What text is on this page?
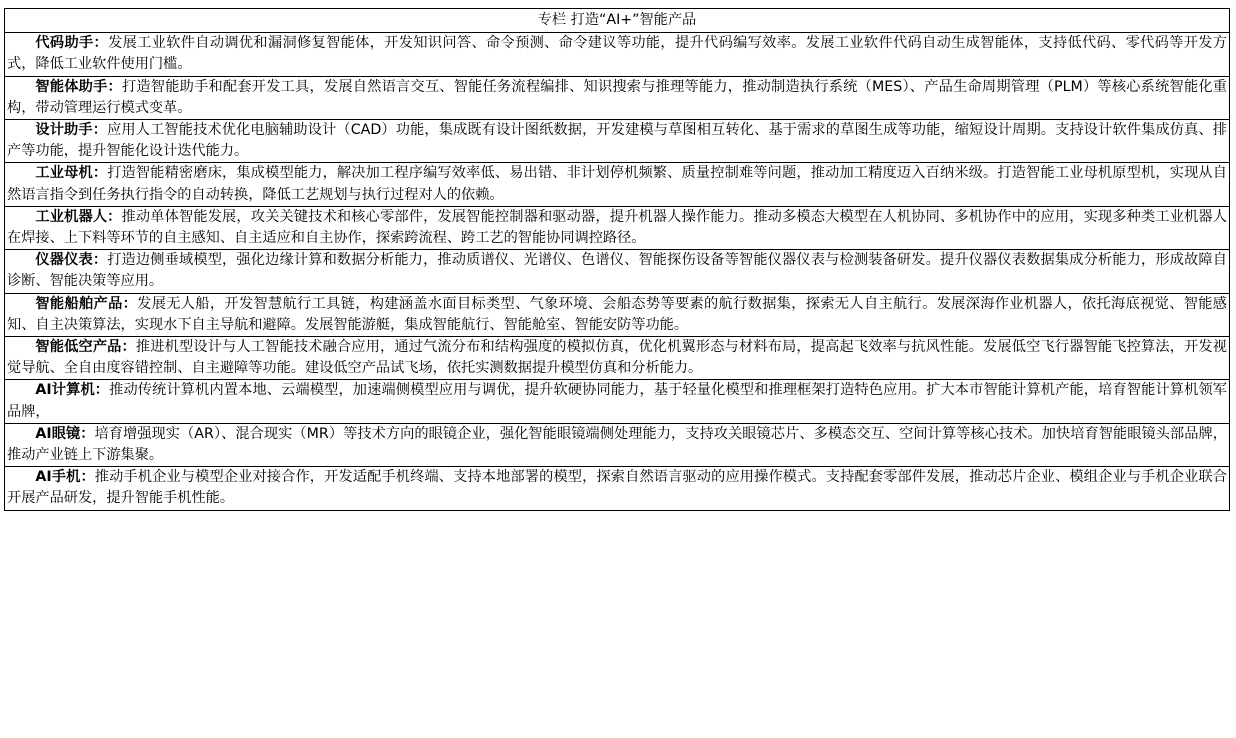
专栏 打造“AI+”智能产品
代码助手：发展工业软件自动调优和漏洞修复智能体，开发知识问答、命令预测、命令建议等功能，提升代码编写效率。发展工业软件代码自动生成智能体，支持低代码、零代码等开发方式，降低工业软件使用门槛。
智能体助手：打造智能助手和配套开发工具，发展自然语言交互、智能任务流程编排、知识搜索与推理等能力，推动制造执行系统（MES）、产品生命周期管理（PLM）等核心系统智能化重构，带动管理运行模式变革。
设计助手：应用人工智能技术优化电脑辅助设计（CAD）功能，集成既有设计图纸数据，开发建模与草图相互转化、基于需求的草图生成等功能，缩短设计周期。支持设计软件集成仿真、排产等功能，提升智能化设计迭代能力。
工业母机：打造智能精密磨床，集成模型能力，解决加工程序编写效率低、易出错、非计划停机频繁、质量控制难等问题，推动加工精度迈入百纳米级。打造智能工业母机原型机，实现从自然语言指令到任务执行指令的自动转换，降低工艺规划与执行过程对人的依赖。
工业机器人：推动单体智能发展，攻关关键技术和核心零部件，发展智能控制器和驱动器，提升机器人操作能力。推动多模态大模型在人机协同、多机协作中的应用，实现多种类工业机器人在焊接、上下料等环节的自主感知、自主适应和自主协作，探索跨流程、跨工艺的智能协同调控路径。
仪器仪表：打造边侧垂域模型，强化边缘计算和数据分析能力，推动质谱仪、光谱仪、色谱仪、智能探伤设备等智能仪器仪表与检测装备研发。提升仪器仪表数据集成分析能力，形成故障自诊断、智能决策等应用。
智能船舶产品：发展无人船，开发智慧航行工具链，构建涵盖水面目标类型、气象环境、会船态势等要素的航行数据集，探索无人自主航行。发展深海作业机器人，依托海底视觉、智能感知、自主决策算法，实现水下自主导航和避障。发展智能游艇，集成智能航行、智能舱室、智能安防等功能。
智能低空产品：推进机型设计与人工智能技术融合应用，通过气流分布和结构强度的模拟仿真，优化机翼形态与材料布局，提高起飞效率与抗风性能。发展低空飞行器智能飞控算法，开发视觉导航、全自由度容错控制、自主避障等功能。建设低空产品试飞场，依托实测数据提升模型仿真和分析能力。
AI计算机：推动传统计算机内置本地、云端模型，加速端侧模型应用与调优，提升软硬协同能力，基于轻量化模型和推理框架打造特色应用。扩大本市智能计算机产能，培育智能计算机领军品牌，
AI眼镜：培育增强现实（AR）、混合现实（MR）等技术方向的眼镜企业，强化智能眼镜端侧处理能力，支持攻关眼镜芯片、多模态交互、空间计算等核心技术。加快培育智能眼镜头部品牌，推动产业链上下游集聚。
AI手机：推动手机企业与模型企业对接合作，开发适配手机终端、支持本地部署的模型，探索自然语言驱动的应用操作模式。支持配套零部件发展，推动芯片企业、模组企业与手机企业联合开展产品研发，提升智能手机性能。
